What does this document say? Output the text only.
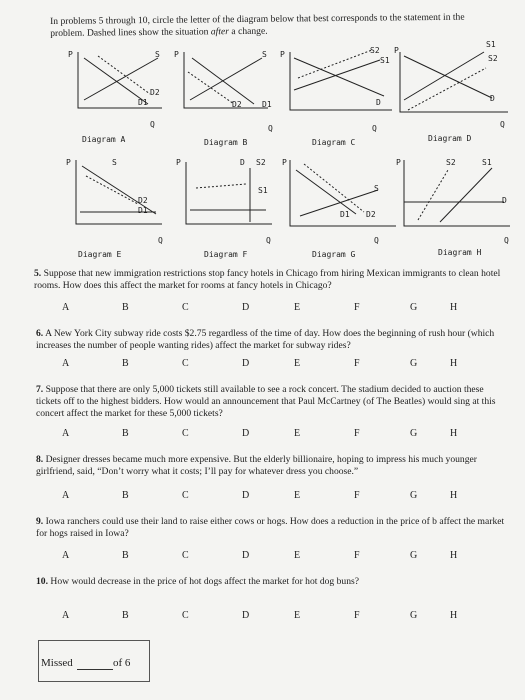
In problems 5 through 10, circle the letter of the diagram below that best corresponds to the statement in the
problem. Dashed lines show the situation after a change.
P	S
D2
D1
Q
Diagram A
P	S
D2	D1
Q
Diagram B
P	S2
S1
D
Q
Diagram C
P
S1
S2
D
Q
Diagram D
P	S
D2
D1
Q
Diagram E
P	D S2
S1
Q
Diagram F
P
S
D1 D2
Q
Diagram G
P	S2	S1
D
Q
Diagram H
5. Suppose that new immigration restrictions stop fancy hotels in Chicago from hiring Mexican immigrants to clean hotel rooms. How does this affect the market for rooms at fancy hotels in Chicago?
A	B	C	D	E	F	G	H
6. A New York City subway ride costs $2.75 regardless of the time of day. How does the beginning of rush hour (which increases the number of people wanting rides) affect the market for subway rides?
A	B	C	D	E	F	G	H
7. Suppose that there are only 5,000 tickets still available to see a rock concert. The stadium decided to auction these tickets off to the highest bidders. How would an announcement that Paul McCartney (of The Beatles) would sing at this concert affect the market for these 5,000 tickets?
A	B	C	D	E	F	G	H
8. Designer dresses became much more expensive. But the elderly billionaire, hoping to impress his much younger girlfriend, said, “Don’t worry what it costs; I’ll pay for whatever dress you choose.”
A	B	C	D	E	F	G	H
9. Iowa ranchers could use their land to raise either cows or hogs. How does a reduction in the price of b affect the market for hogs raised in Iowa?
A	B	C	D	E	F	G	H
10. How would decrease in the price of hot dogs affect the market for hot dog buns?
A	B	C	D	E	F	G	H
Missed	of 6
